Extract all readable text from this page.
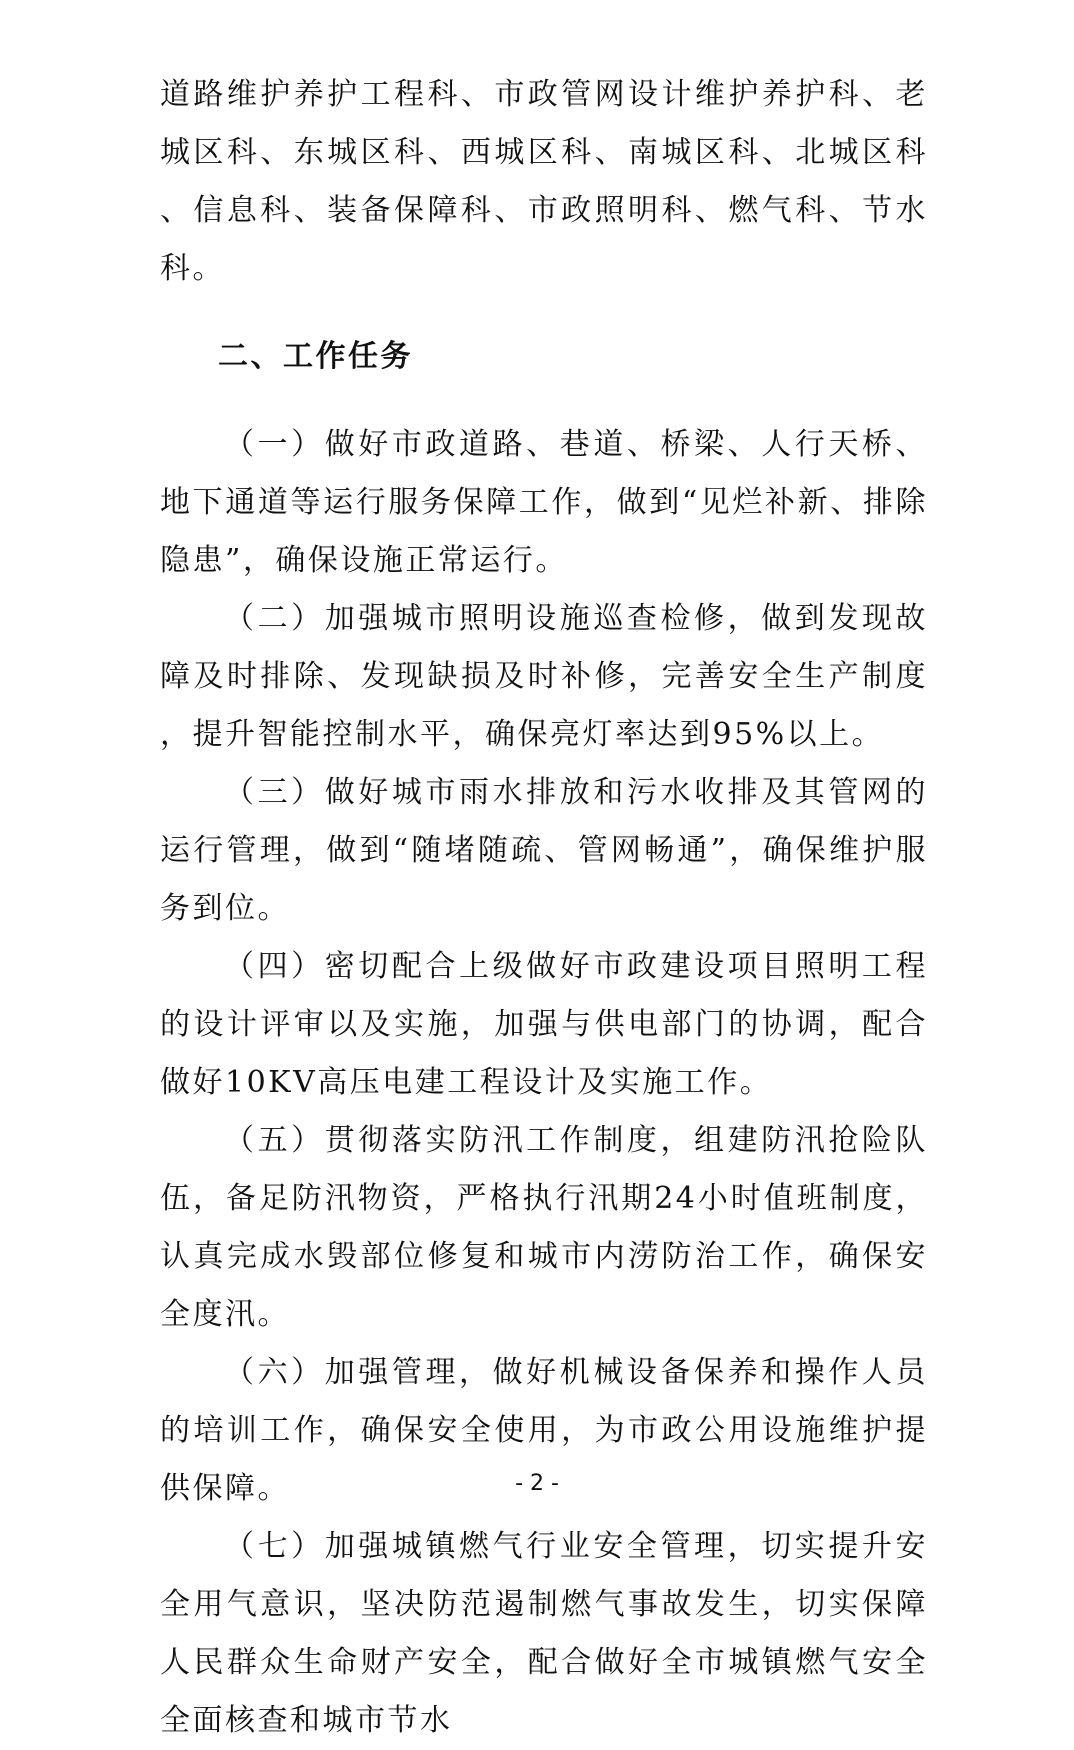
道路维护养护工程科、市政管网设计维护养护科、老城区科、东城区科、西城区科、南城区科、北城区科、信息科、装备保障科、市政照明科、燃气科、节水科。

二、工作任务

（一）做好市政道路、巷道、桥梁、人行天桥、地下通道等运行服务保障工作，做到“见烂补新、排除隐患”，确保设施正常运行。

（二）加强城市照明设施巡查检修，做到发现故障及时排除、发现缺损及时补修，完善安全生产制度，提升智能控制水平，确保亮灯率达到95%以上。

（三）做好城市雨水排放和污水收排及其管网的运行管理，做到“随堵随疏、管网畅通”，确保维护服务到位。

（四）密切配合上级做好市政建设项目照明工程的设计评审以及实施，加强与供电部门的协调，配合做好10KV高压电建工程设计及实施工作。

（五）贯彻落实防汛工作制度，组建防汛抢险队伍，备足防汛物资，严格执行汛期24小时值班制度，认真完成水毁部位修复和城市内涝防治工作，确保安全度汛。

（六）加强管理，做好机械设备保养和操作人员的培训工作，确保安全使用，为市政公用设施维护提供保障。

（七）加强城镇燃气行业安全管理，切实提升安全用气意识，坚决防范遏制燃气事故发生，切实保障人民群众生命财产安全，配合做好全市城镇燃气安全全面核查和城市节水

- 2 -
